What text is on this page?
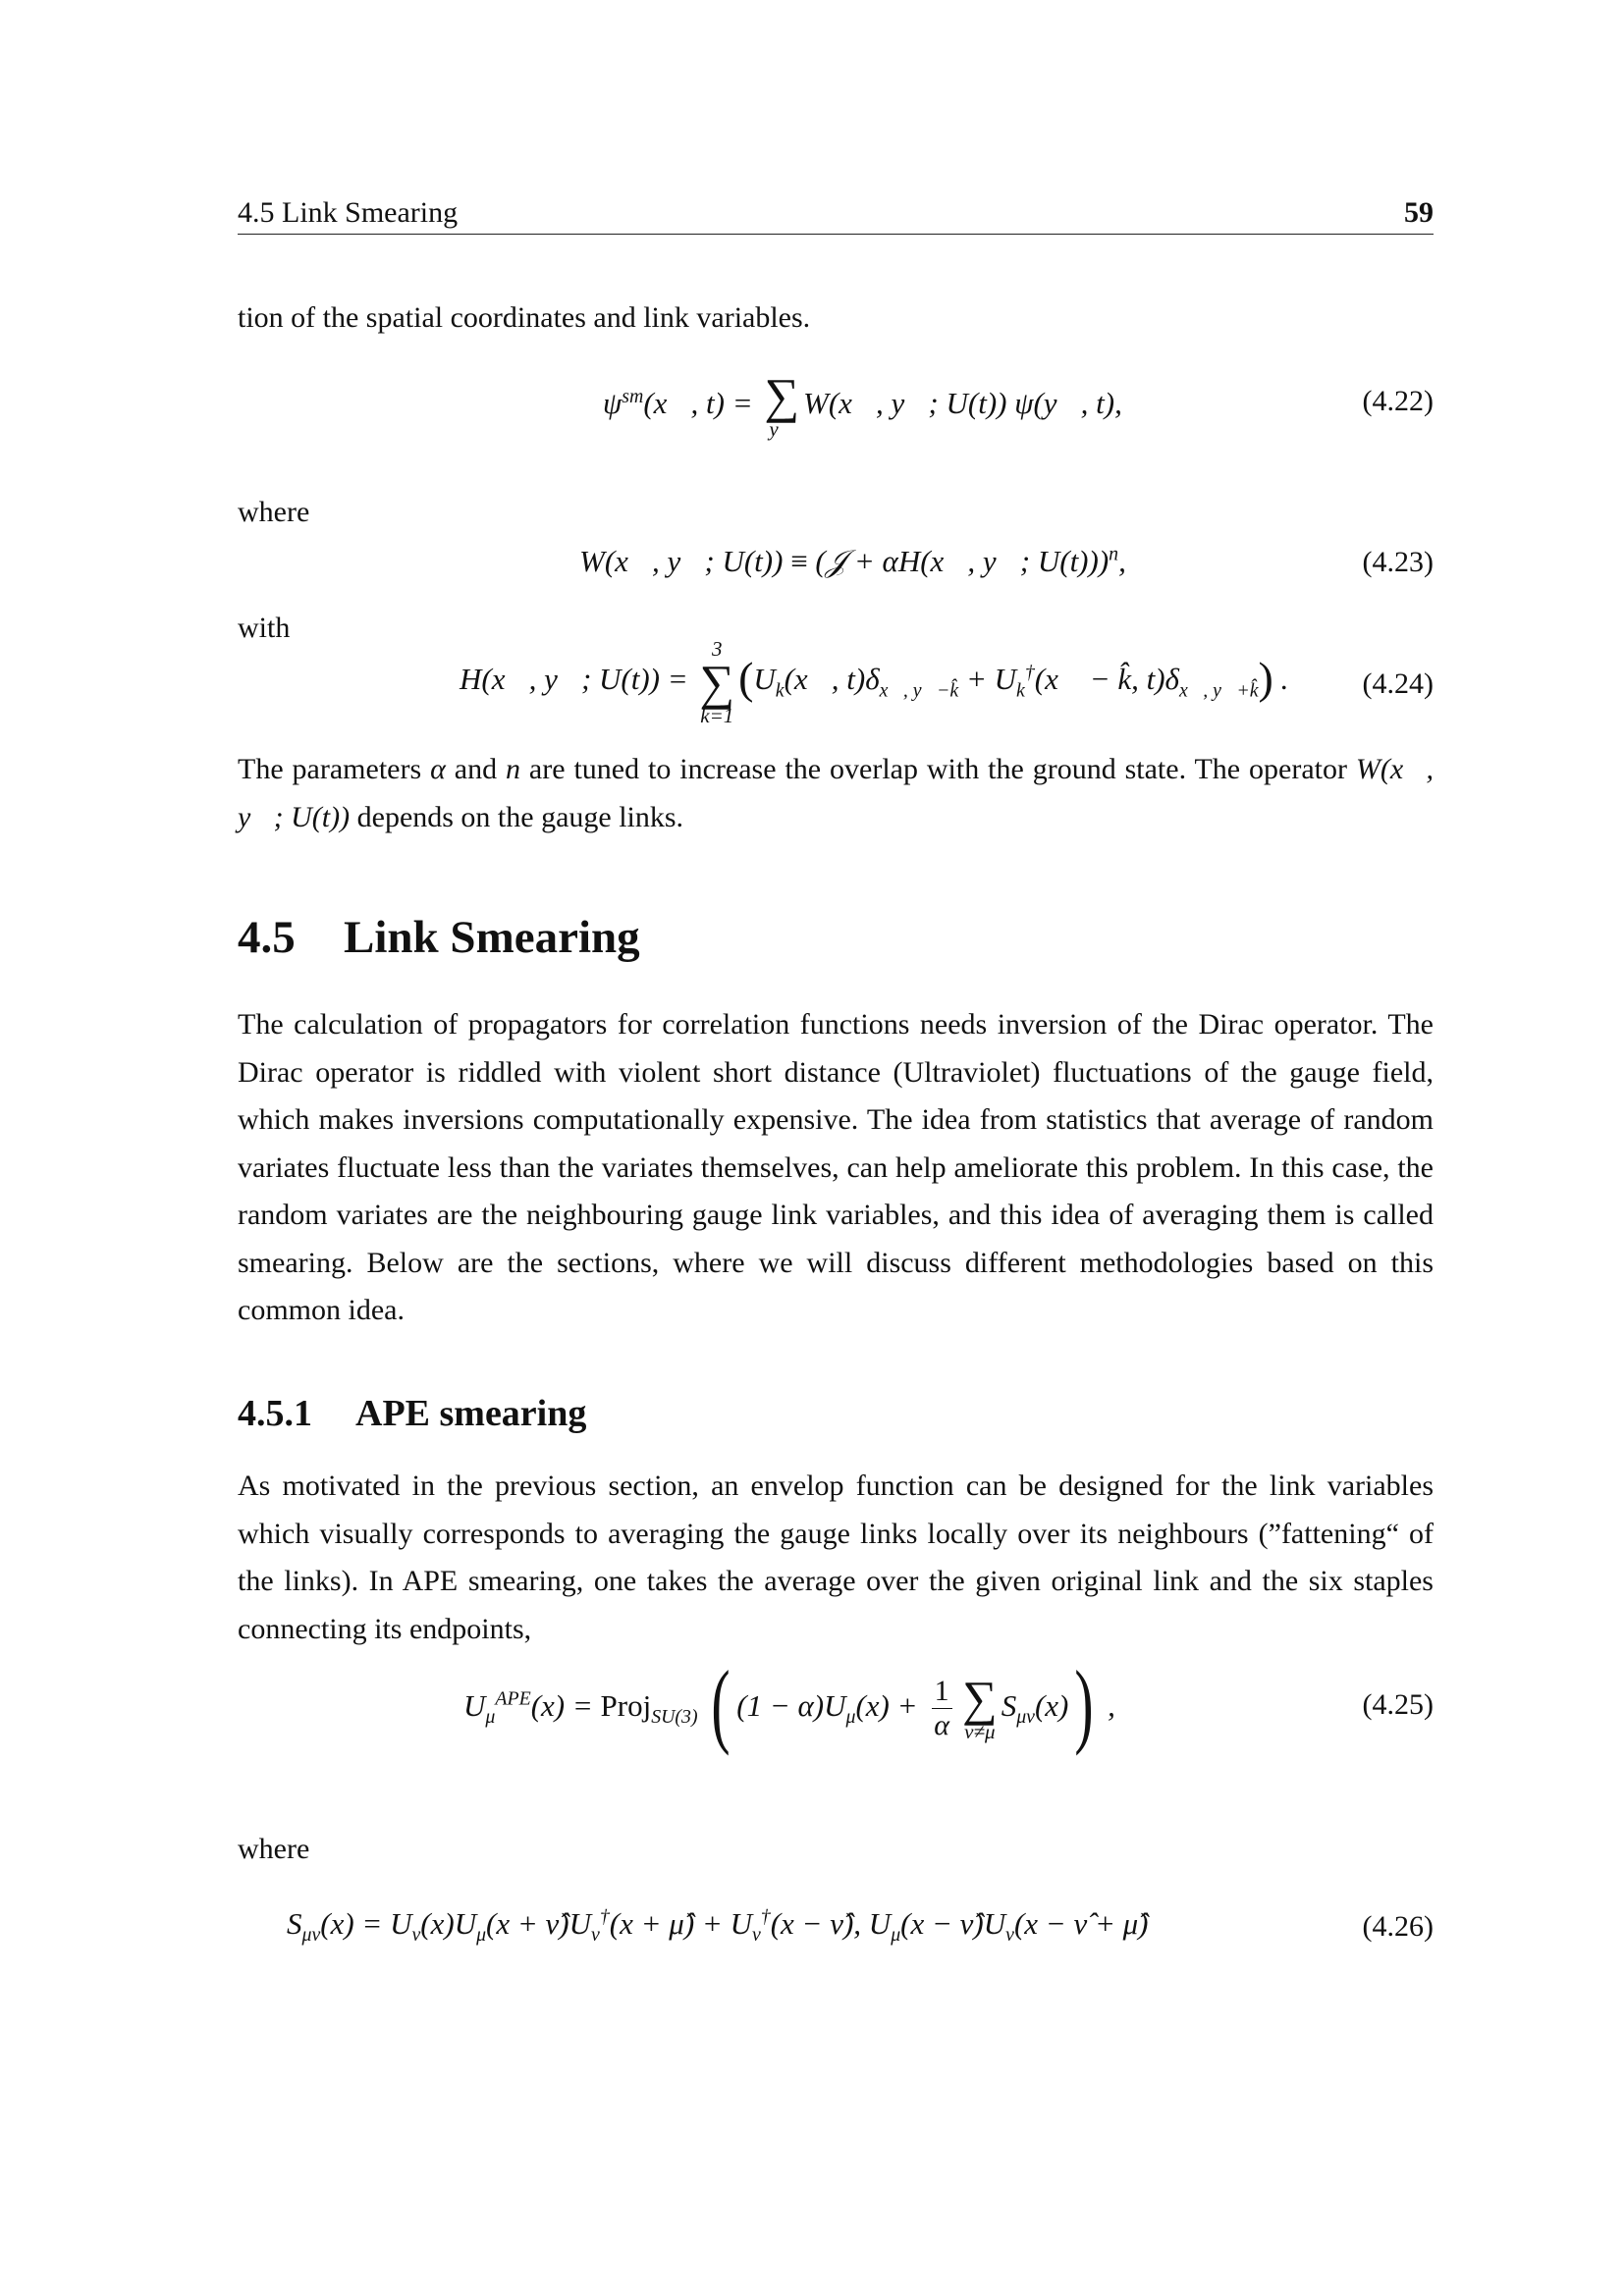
4.5 Link Smearing	59

tion of the spatial coordinates and link variables.

$\psi^{sm}(x⃗$, t) = ∑
y⃗
W(x⃗, y⃗; U(t)) ψ(y⃗, t),	(4.22)
where
W(x⃗, y⃗; U(t)) ≡ (𝒥 + αH(x⃗, y⃗; U(t)))$^n$,	(4.23)
with
H(x⃗, y⃗; U(t)) =
3
∑
k=1
($U_k(x⃗$, $t)\delta_{x⃗, y⃗-k̂}$ + $U_k^\dagger(x⃗$ − k̂, $t)\delta_{x⃗, y⃗+k̂}$) .	(4.24)

The parameters α and n are tuned to increase the overlap with the ground state. The operator W(x⃗, y⃗; U(t)) depends on the gauge links.

4.5 Link Smearing

The calculation of propagators for correlation functions needs inversion of the Dirac operator. The Dirac operator is riddled with violent short distance (Ultraviolet) fluctuations of the gauge field, which makes inversions computationally expensive. The idea from statistics that average of random variates fluctuate less than the variates themselves, can help ameliorate this problem. In this case, the random variates are the neighbouring gauge link variables, and this idea of averaging them is called smearing. Below are the sections, where we will discuss different methodologies based on this common idea.

4.5.1 APE smearing

As motivated in the previous section, an envelop function can be designed for the link variables which visually corresponds to averaging the gauge links locally over its neighbours (”fattening“ of the links). In APE smearing, one takes the average over the given original link and the six staples connecting its endpoints,

$U_\mu^{APE}(x)$ = Proj$_{SU(3)}$ ( $(1 - \alpha)U_\mu(x) + \frac{1}{\alpha}$ ∑
ν≠μ
$S_{\mu\nu}(x)$) ,	(4.25)
where
$S_{\mu\nu}(x) = U_\nu(x)U_\mu(x$ + $\nû)U_\nu^\dagger(x$ + μ̂) + $U_\nu^\dagger(x$ − ν̂), $U_\mu(x$ − $\nû)U_\nu(x$ − ν̂ + μ̂)	(4.26)
